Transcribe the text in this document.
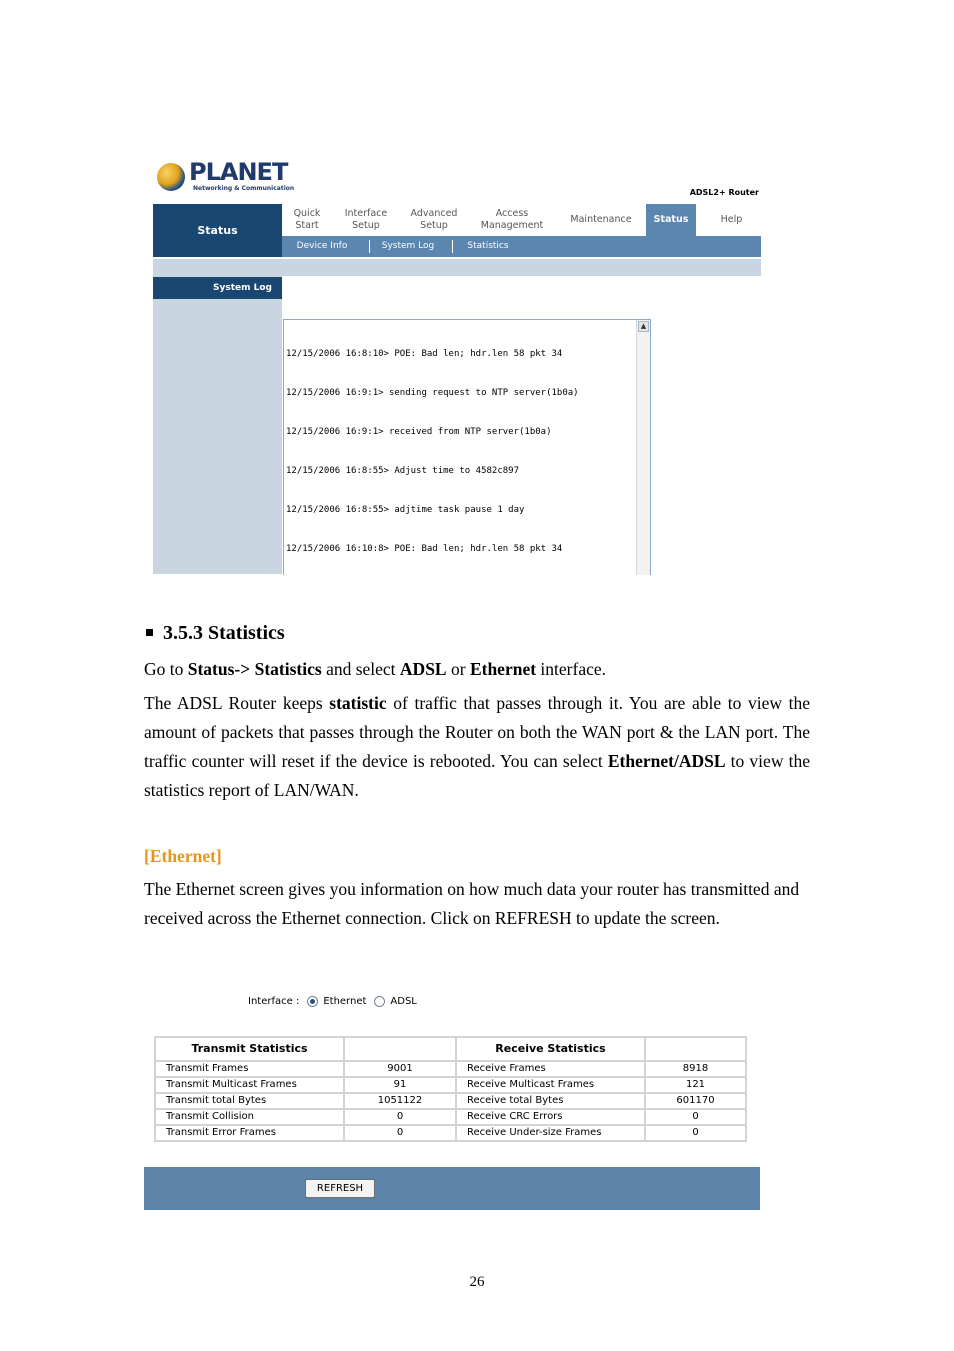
PLANET
Networking & Communication	ADSL2+ Router
Status
Quick
Start
Interface
Setup
Advanced
Setup
Access
Management
Maintenance	Status	Help
Device Info	System Log	Statistics
System Log

12/15/2006 16:8:10> POE: Bad len; hdr.len 58 pkt 34

12/15/2006 16:9:1> sending request to NTP server(1b0a)

12/15/2006 16:9:1> received from NTP server(1b0a)

12/15/2006 16:8:55> Adjust time to 4582c897

12/15/2006 16:8:55> adjtime task pause 1 day

12/15/2006 16:10:8> POE: Bad len; hdr.len 58 pkt 34

▲
3.5.3 Statistics
Go to Status-> Statistics and select ADSL or Ethernet interface.
The ADSL Router keeps statistic of traffic that passes through it. You are able to view the amount of packets that passes through the Router on both the WAN port & the LAN port. The traffic counter will reset if the device is rebooted. You can select Ethernet/ADSL to view the statistics report of LAN/WAN.
[Ethernet]
The Ethernet screen gives you information on how much data your router has transmitted and received across the Ethernet connection. Click on REFRESH to update the screen.
Interface : Ethernet ADSL
Transmit Statistics		Receive Statistics	
Transmit Frames	9001	Receive Frames	8918
Transmit Multicast Frames	91	Receive Multicast Frames	121
Transmit total Bytes	1051122	Receive total Bytes	601170
Transmit Collision	0	Receive CRC Errors	0
Transmit Error Frames	0	Receive Under-size Frames	0
REFRESH
26
